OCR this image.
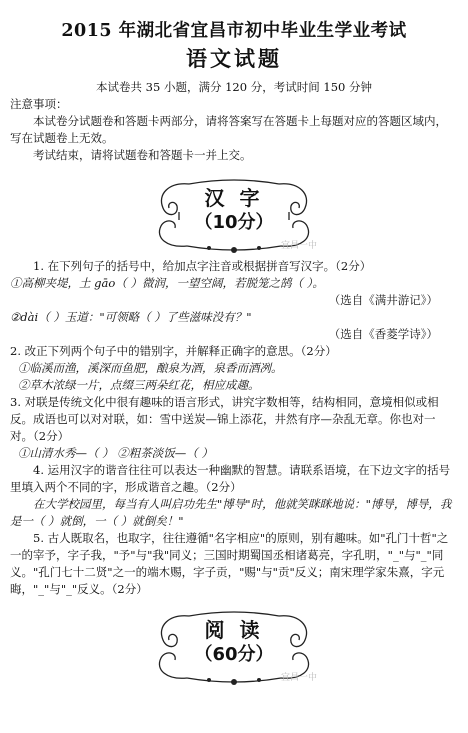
2015 年湖北省宜昌市初中毕业生学业考试
语文试题
本试卷共 35 小题，满分 120 分，考试时间 150 分钟

注意事项：

本试卷分试题卷和答题卡两部分，请将答案写在答题卡上每题对应的答题区域内，写在试题卷上无效。

考试结束，请将试题卷和答题卡一并上交。

汉 字
（10分）
宜昌一中

1. 在下列句子的括号中，给加点字注音或根据拼音写汉字。（2分）

①高柳夹堤，土 gāo（ ）微润，一望空阔，若脱笼之鹄（ ）。

（选自《满井游记》）

②dài（ ）玉道："可领略（ ）了些滋味没有？"

（选自《香菱学诗》）

2. 改正下列两个句子中的错别字，并解释正确字的意思。（2分）

①临溪而渔，溪深而鱼肥，酿泉为酒，泉香而酒冽。

②草木浓绿一片，点缀三两朵红花，相应成趣。

3. 对联是传统文化中很有趣味的语言形式，讲究字数相等，结构相同，意境相似或相反。成语也可以对对联，如：雪中送炭—锦上添花，井然有序—杂乱无章。你也对一对。（2分）

①山清水秀—（ ） ②粗茶淡饭—（ ）

4. 运用汉字的谐音往往可以表达一种幽默的智慧。请联系语境，在下边文字的括号里填入两个不同的字，形成谐音之趣。（2分）

在大学校园里，每当有人叫启功先生"博导"时，他就笑眯眯地说："博导，博导，我是一（ ）就倒，一（ ）就倒矣！"

5. 古人既取名，也取字，往往遵循"名字相应"的原则，别有趣味。如"孔门十哲"之一的宰予，字子我，"予"与"我"同义；三国时期蜀国丞相诸葛亮，字孔明，"_"与"_"同义。"孔门七十二贤"之一的端木赐，字子贡，"赐"与"贡"反义；南宋理学家朱熹，字元晦，"_"与"_"反义。（2分）

阅 读
（60分）
宜昌一中
